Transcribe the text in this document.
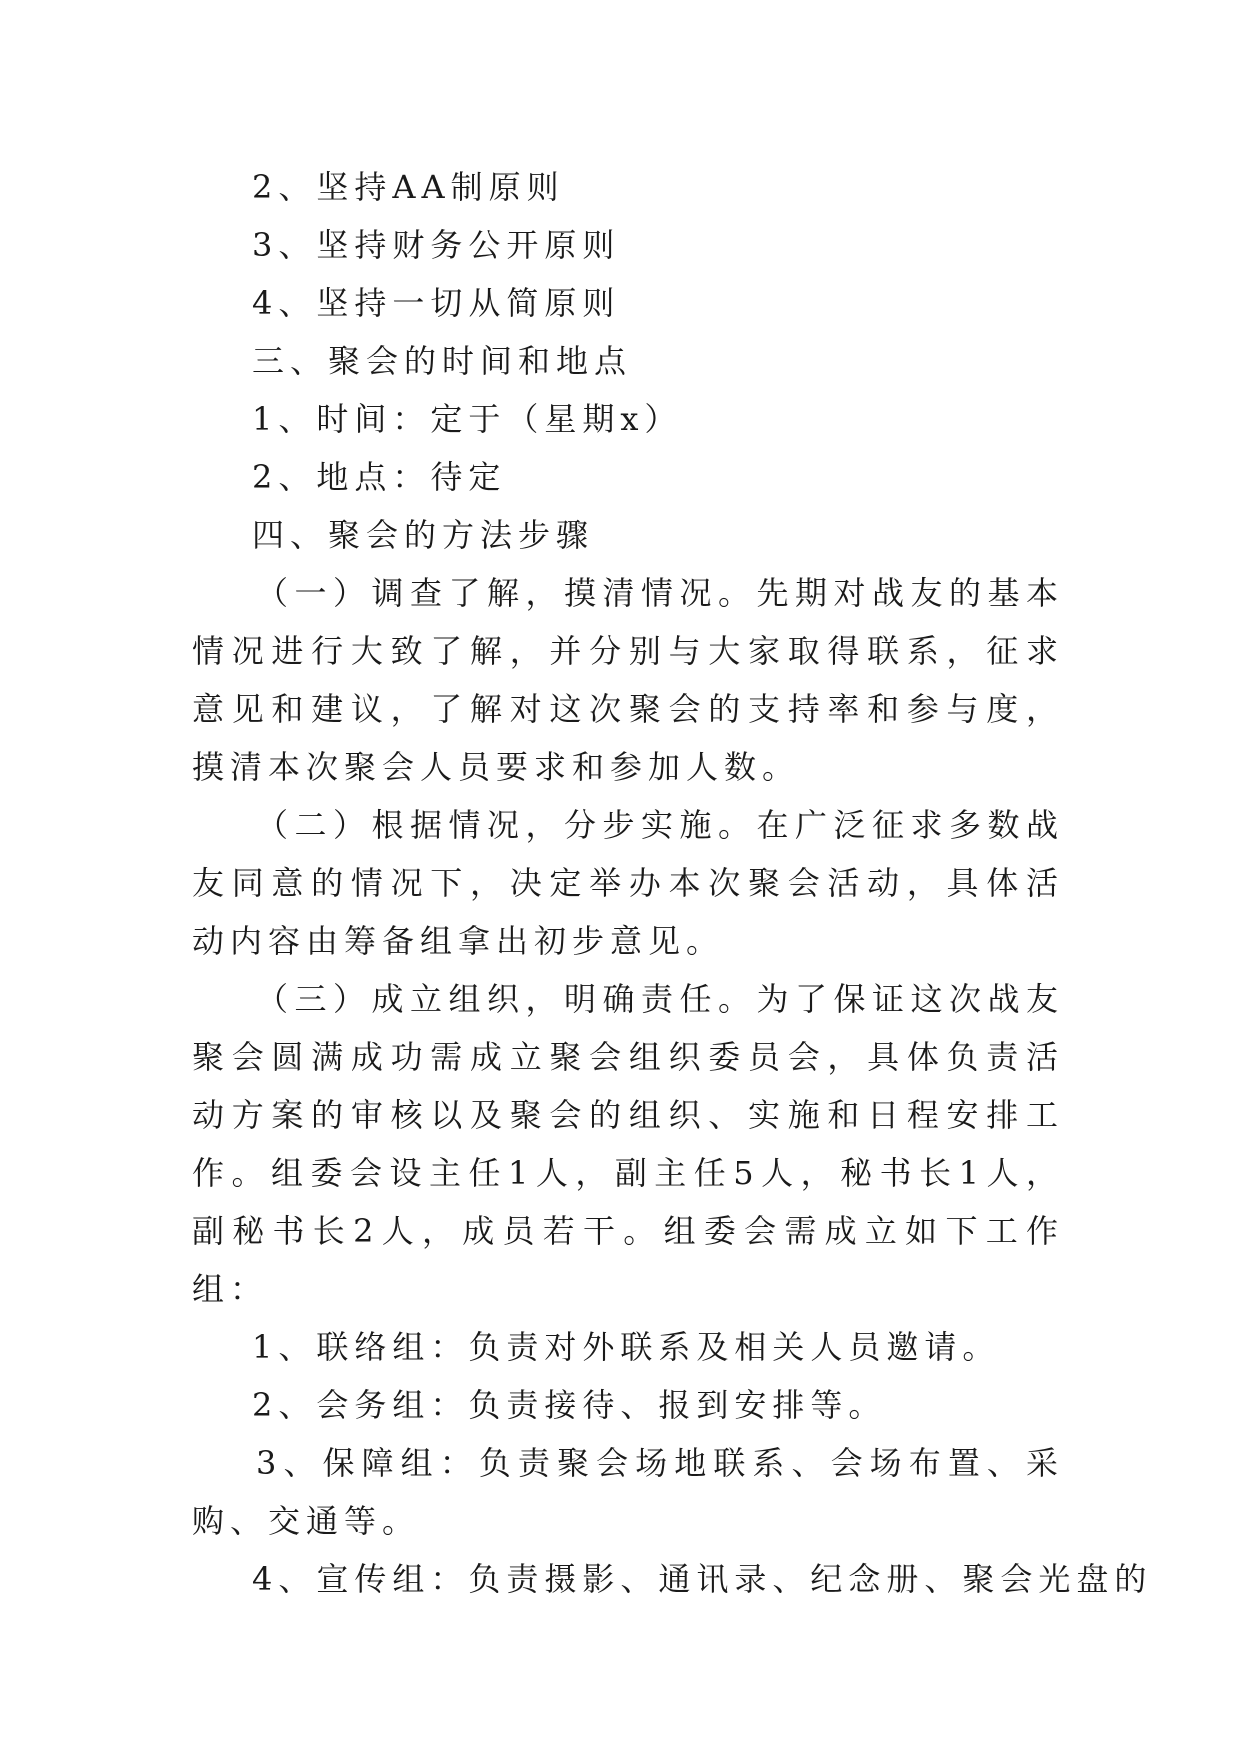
2、坚持AA制原则
3、坚持财务公开原则
4、坚持一切从简原则
三、聚会的时间和地点
1、时间：定于（星期x）
2、地点：待定
四、聚会的方法步骤

（一）调查了解，摸清情况。先期对战友的基本情况进行大致了解，并分别与大家取得联系，征求意见和建议，了解对这次聚会的支持率和参与度，摸清本次聚会人员要求和参加人数。

（二）根据情况，分步实施。在广泛征求多数战友同意的情况下，决定举办本次聚会活动，具体活动内容由筹备组拿出初步意见。

（三）成立组织，明确责任。为了保证这次战友聚会圆满成功需成立聚会组织委员会，具体负责活动方案的审核以及聚会的组织、实施和日程安排工作。组委会设主任1人，副主任5人，秘书长1人，副秘书长2人，成员若干。组委会需成立如下工作组：

1、联络组：负责对外联系及相关人员邀请。
2、会务组：负责接待、报到安排等。

3、保障组：负责聚会场地联系、会场布置、采购、交通等。

4、宣传组：负责摄影、通讯录、纪念册、聚会光盘的
